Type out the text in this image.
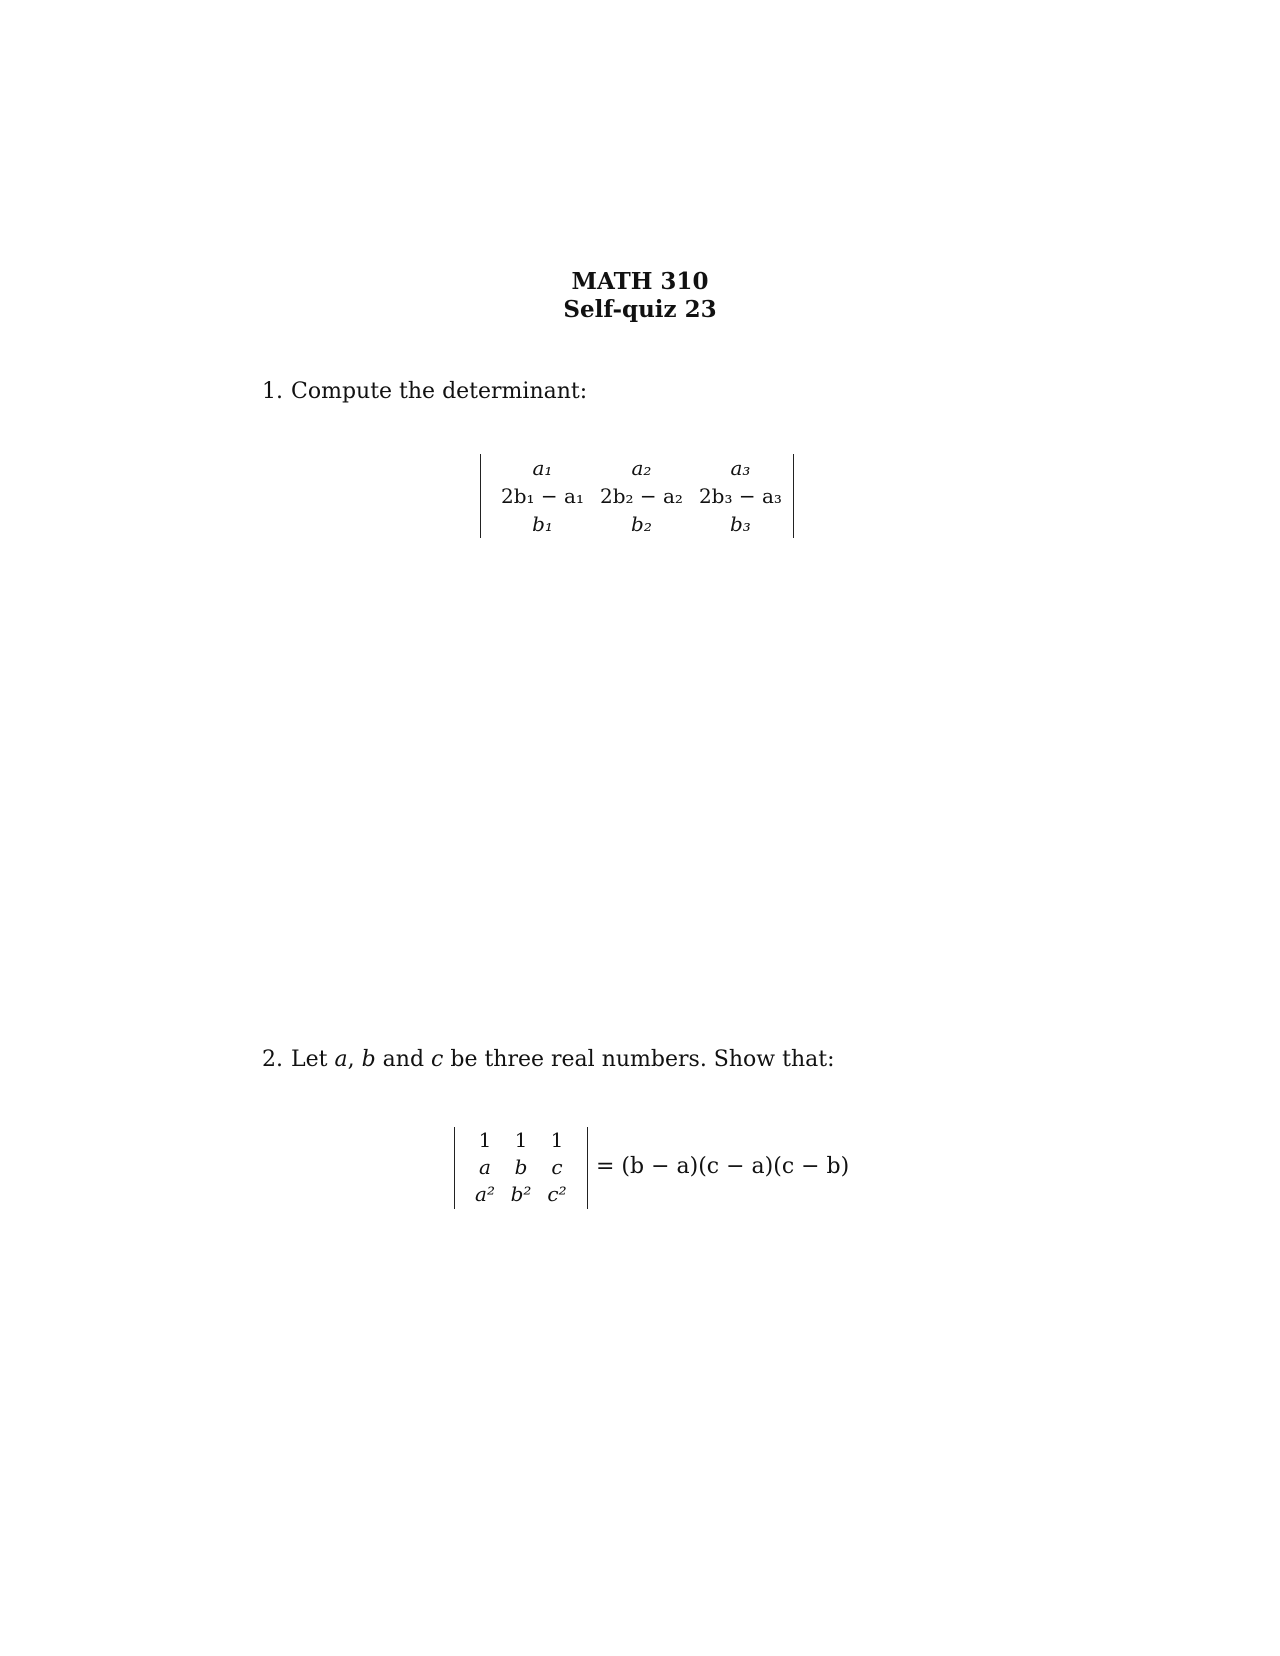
MATH 310
Self-quiz 23
1. Compute the determinant:
a₁	a₂	a₃
2b₁ − a₁	2b₂ − a₂	2b₃ − a₃
b₁	b₂	b₃
2. Let a, b and c be three real numbers. Show that:
1	1	1
a	b	c
a²	b²	c²
= (b − a)(c − a)(c − b)
